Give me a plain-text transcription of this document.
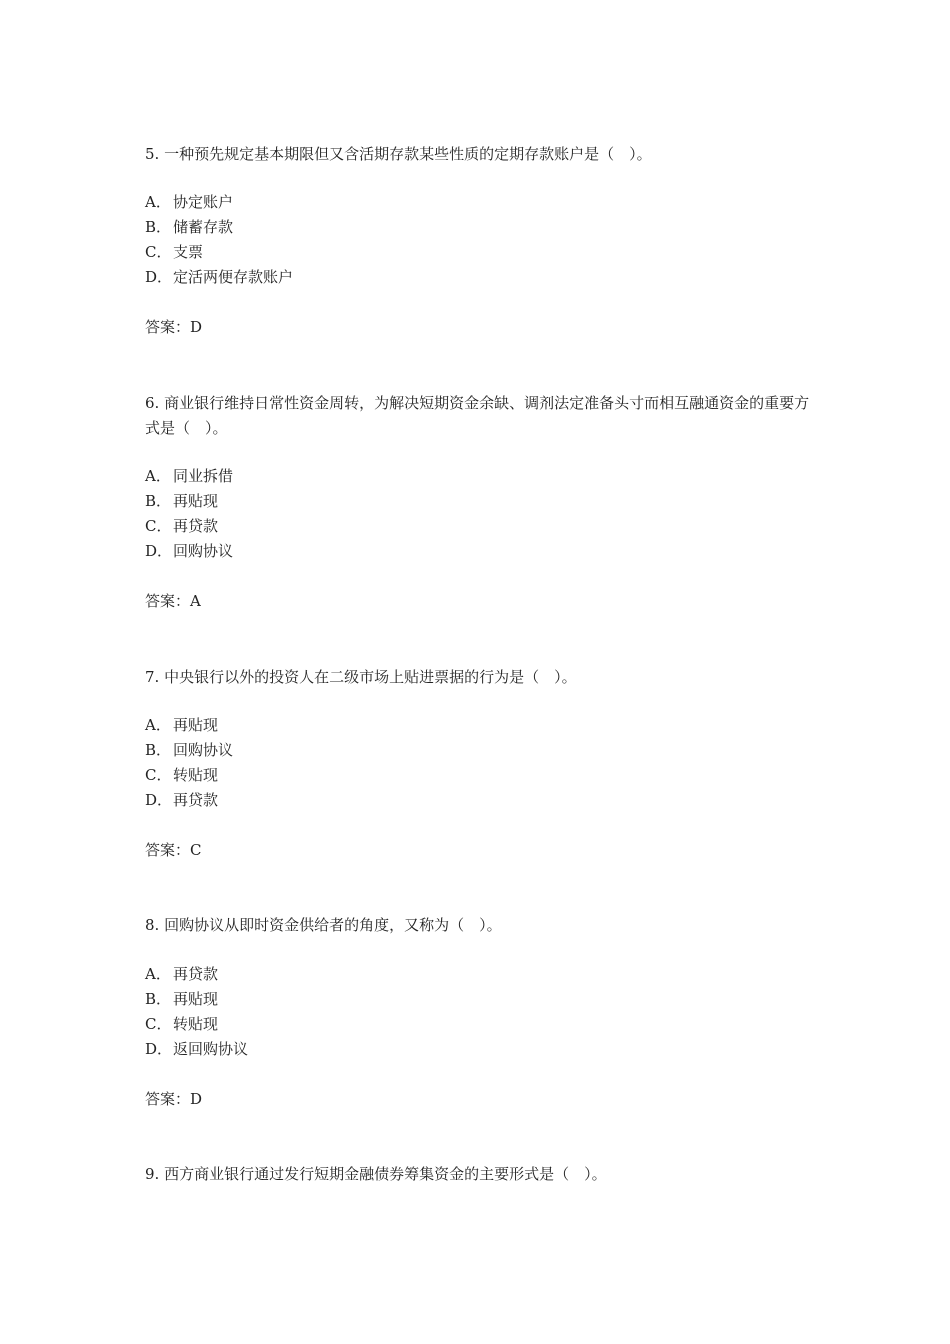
5. 一种预先规定基本期限但又含活期存款某些性质的定期存款账户是（　）。

A． 协定账户
B． 储蓄存款
C． 支票
D．定活两便存款账户
答案：D

6. 商业银行维持日常性资金周转，为解决短期资金余缺、调剂法定准备头寸而相互融通资金的重要方式是（　）。

A． 同业拆借
B． 再贴现
C． 再贷款
D．回购协议
答案：A

7. 中央银行以外的投资人在二级市场上贴进票据的行为是（　）。

A． 再贴现
B． 回购协议
C． 转贴现
D．再贷款
答案：C

8. 回购协议从即时资金供给者的角度，又称为（　）。

A． 再贷款
B． 再贴现
C． 转贴现
D．返回购协议
答案：D

9. 西方商业银行通过发行短期金融债券筹集资金的主要形式是（　）。
